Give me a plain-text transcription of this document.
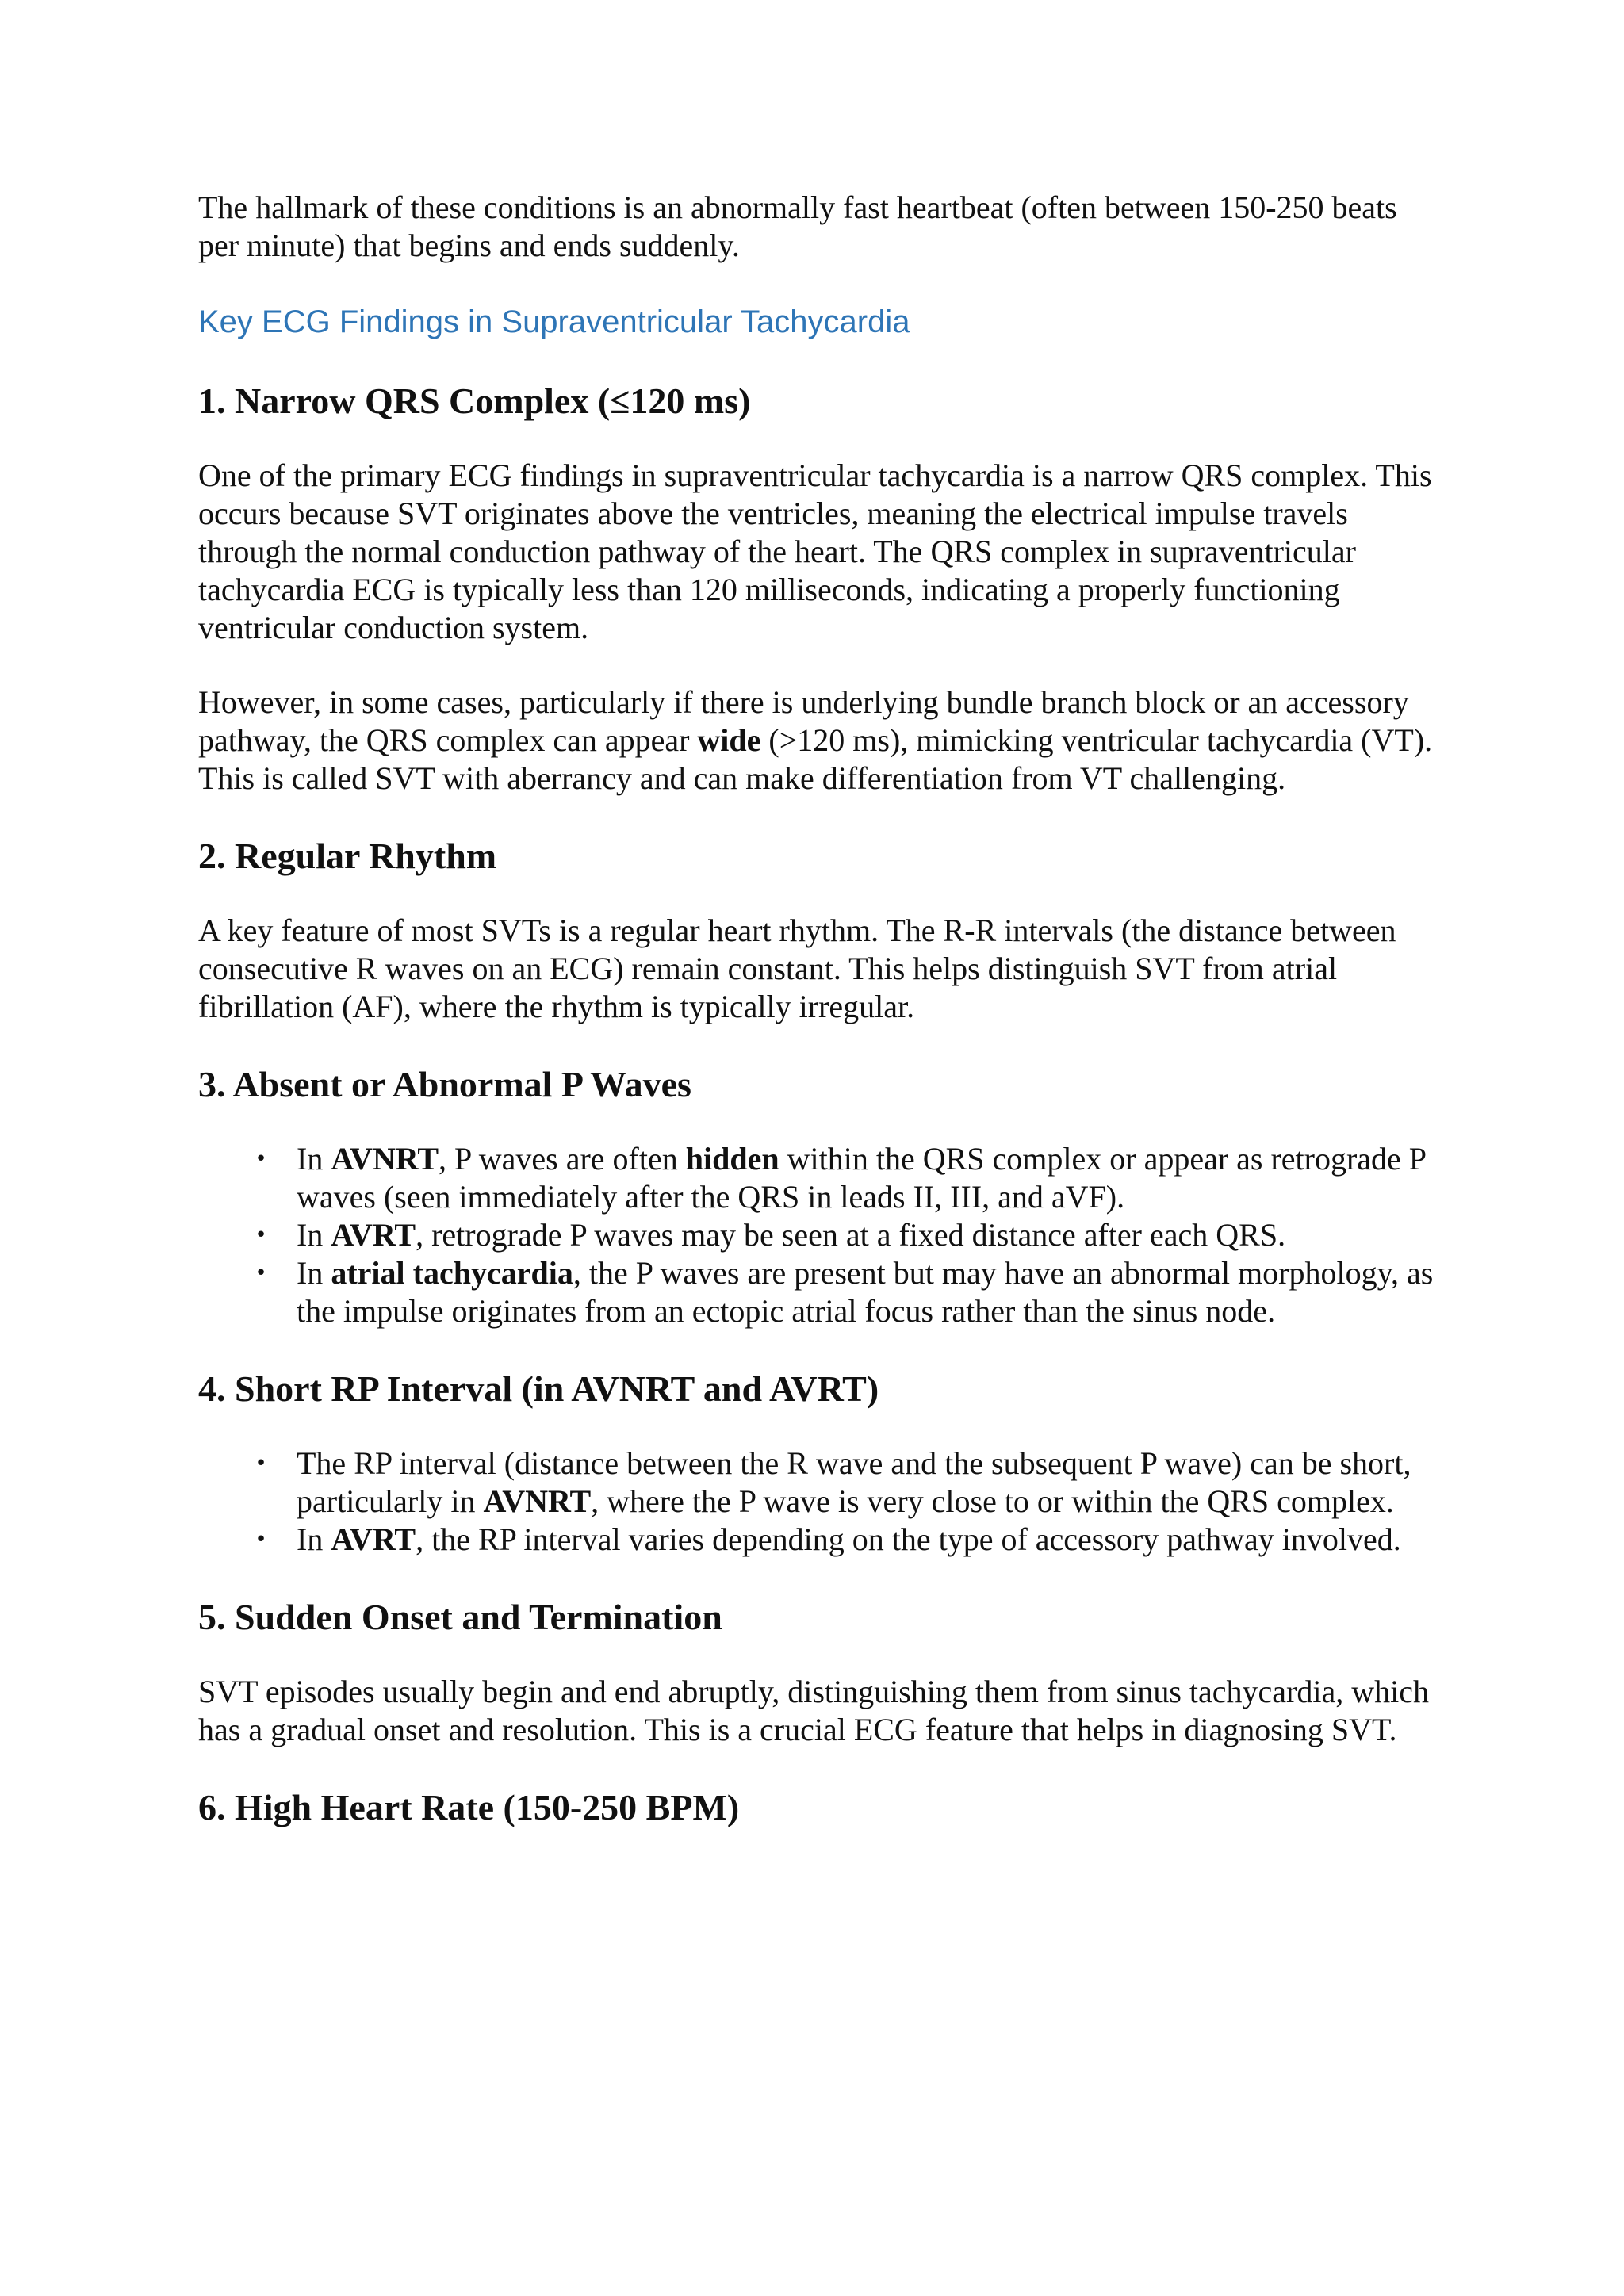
The hallmark of these conditions is an abnormally fast heartbeat (often between 150-250 beats per minute) that begins and ends suddenly.

Key ECG Findings in Supraventricular Tachycardia

1. Narrow QRS Complex (≤120 ms)

One of the primary ECG findings in supraventricular tachycardia is a narrow QRS complex. This occurs because SVT originates above the ventricles, meaning the electrical impulse travels through the normal conduction pathway of the heart. The QRS complex in supraventricular tachycardia ECG is typically less than 120 milliseconds, indicating a properly functioning ventricular conduction system.

However, in some cases, particularly if there is underlying bundle branch block or an accessory pathway, the QRS complex can appear wide (>120 ms), mimicking ventricular tachycardia (VT). This is called SVT with aberrancy and can make differentiation from VT challenging.

2. Regular Rhythm

A key feature of most SVTs is a regular heart rhythm. The R-R intervals (the distance between consecutive R waves on an ECG) remain constant. This helps distinguish SVT from atrial fibrillation (AF), where the rhythm is typically irregular.

3. Absent or Abnormal P Waves
• In AVNRT, P waves are often hidden within the QRS complex or appear as retrograde P waves (seen immediately after the QRS in leads II, III, and aVF).
• In AVRT, retrograde P waves may be seen at a fixed distance after each QRS.
• In atrial tachycardia, the P waves are present but may have an abnormal morphology, as the impulse originates from an ectopic atrial focus rather than the sinus node.
4. Short RP Interval (in AVNRT and AVRT)
• The RP interval (distance between the R wave and the subsequent P wave) can be short, particularly in AVNRT, where the P wave is very close to or within the QRS complex.
• In AVRT, the RP interval varies depending on the type of accessory pathway involved.
5. Sudden Onset and Termination

SVT episodes usually begin and end abruptly, distinguishing them from sinus tachycardia, which has a gradual onset and resolution. This is a crucial ECG feature that helps in diagnosing SVT.

6. High Heart Rate (150-250 BPM)
